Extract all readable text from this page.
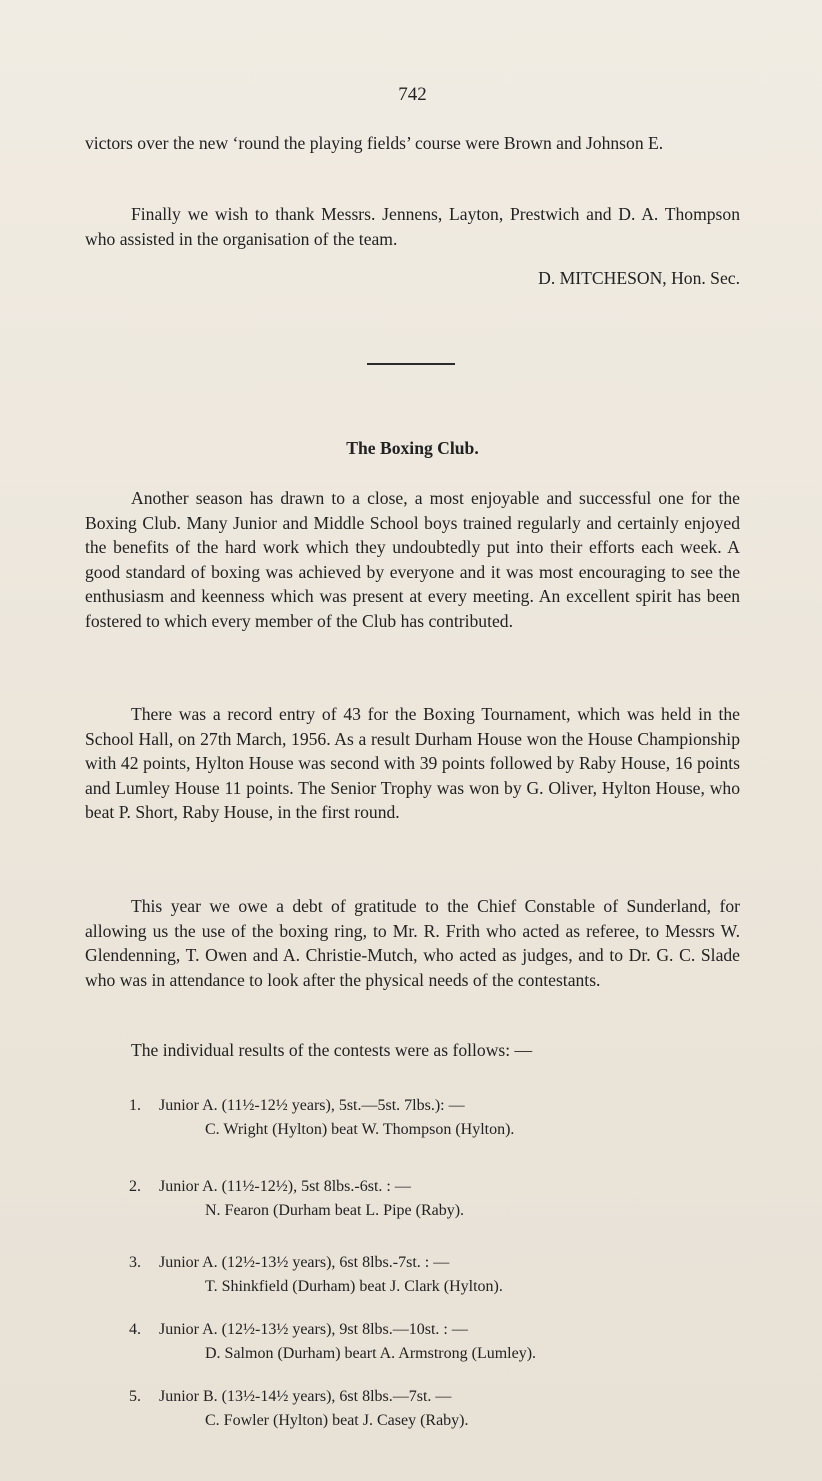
742

victors over the new ‘round the playing fields’ course were Brown and Johnson E.

Finally we wish to thank Messrs. Jennens, Layton, Prestwich and D. A. Thompson who assisted in the organisation of the team.

D. MITCHESON, Hon. Sec.
The Boxing Club.

Another season has drawn to a close, a most enjoyable and successful one for the Boxing Club. Many Junior and Middle School boys trained regularly and certainly enjoyed the benefits of the hard work which they undoubtedly put into their efforts each week. A good standard of boxing was achieved by everyone and it was most encouraging to see the enthusiasm and keenness which was present at every meeting. An excellent spirit has been fostered to which every member of the Club has contributed.

There was a record entry of 43 for the Boxing Tournament, which was held in the School Hall, on 27th March, 1956. As a result Durham House won the House Championship with 42 points, Hylton House was second with 39 points followed by Raby House, 16 points and Lumley House 11 points. The Senior Trophy was won by G. Oliver, Hylton House, who beat P. Short, Raby House, in the first round.

This year we owe a debt of gratitude to the Chief Constable of Sunderland, for allowing us the use of the boxing ring, to Mr. R. Frith who acted as referee, to Messrs W. Glendenning, T. Owen and A. Christie-Mutch, who acted as judges, and to Dr. G. C. Slade who was in attendance to look after the physical needs of the contestants.

The individual results of the contests were as follows: —

1.	Junior A. (11½-12½ years), 5st.—5st. 7lbs.): —
C. Wright (Hylton) beat W. Thompson (Hylton).
2.	Junior A. (11½-12½), 5st 8lbs.-6st. : —
N. Fearon (Durham beat L. Pipe (Raby).
3.	Junior A. (12½-13½ years), 6st 8lbs.-7st. : —
T. Shinkfield (Durham) beat J. Clark (Hylton).
4.	Junior A. (12½-13½ years), 9st 8lbs.—10st. : —
D. Salmon (Durham) beart A. Armstrong (Lumley).
5.	Junior B. (13½-14½ years), 6st 8lbs.—7st. —
C. Fowler (Hylton) beat J. Casey (Raby).
